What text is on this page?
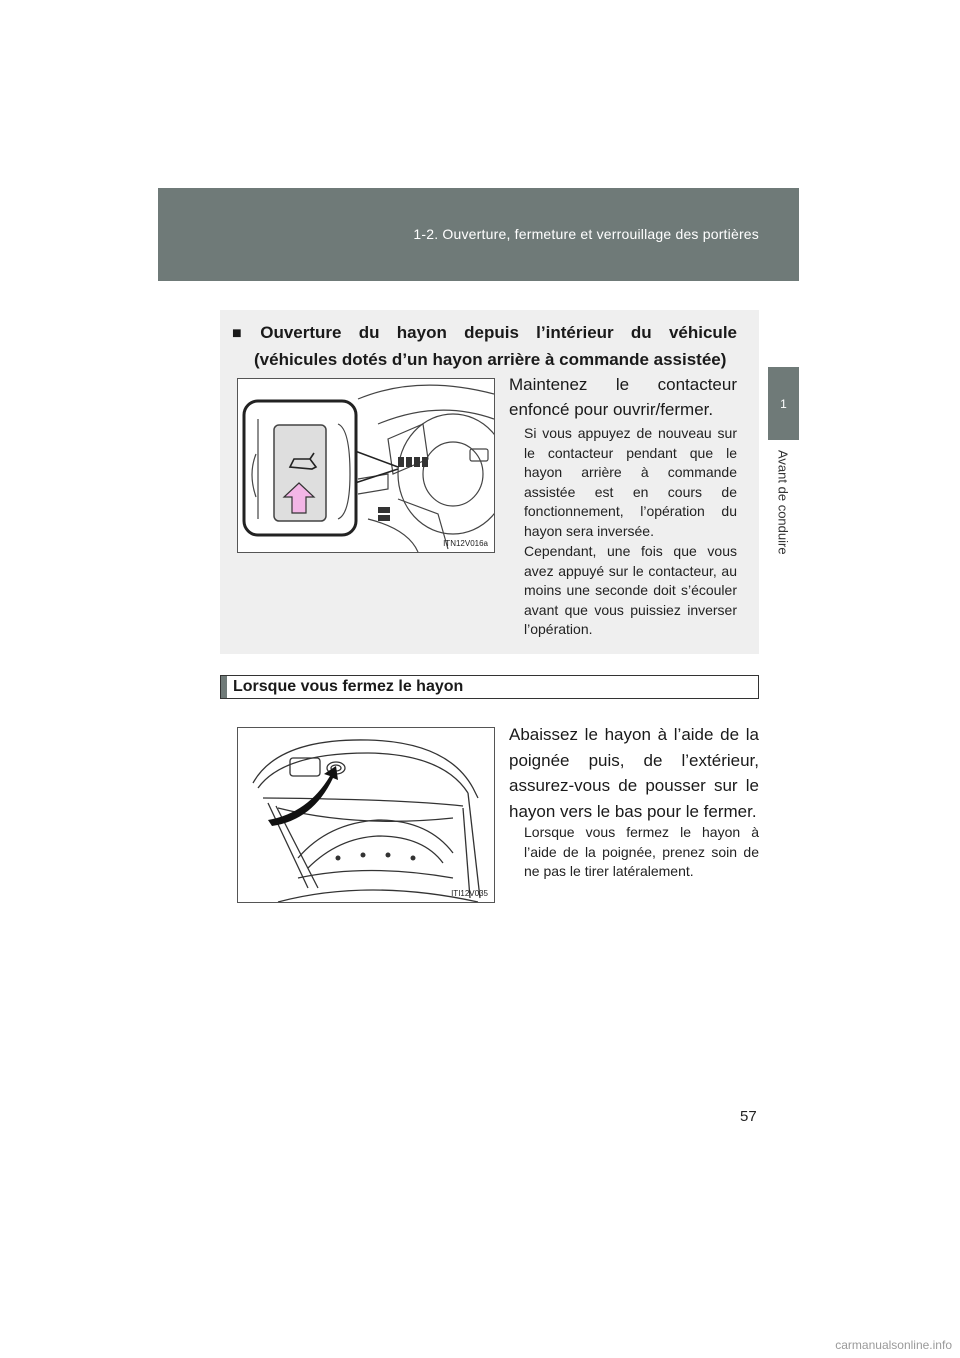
1-2. Ouverture, fermeture et verrouillage des portières
1
Avant de conduire
■ Ouverture du hayon depuis l’intérieur du véhicule
(véhicules dotés d’un hayon arrière à commande assistée)
ITN12V016a
Maintenez le contacteur enfoncé pour ouvrir/fermer.
Si vous appuyez de nouveau sur le contacteur pendant que le hayon arrière à commande assistée est en cours de fonctionnement, l’opération du hayon sera inversée.
Cependant, une fois que vous avez appuyé sur le contacteur, au moins une seconde doit s’écouler avant que vous puissiez inverser l’opération.
Lorsque vous fermez le hayon
ITI12V035
Abaissez le hayon à l’aide de la poignée puis, de l’extérieur, assurez-vous de pousser sur le hayon vers le bas pour le fermer.
Lorsque vous fermez le hayon à l’aide de la poignée, prenez soin de ne pas le tirer latéralement.
57
carmanualsonline.info
